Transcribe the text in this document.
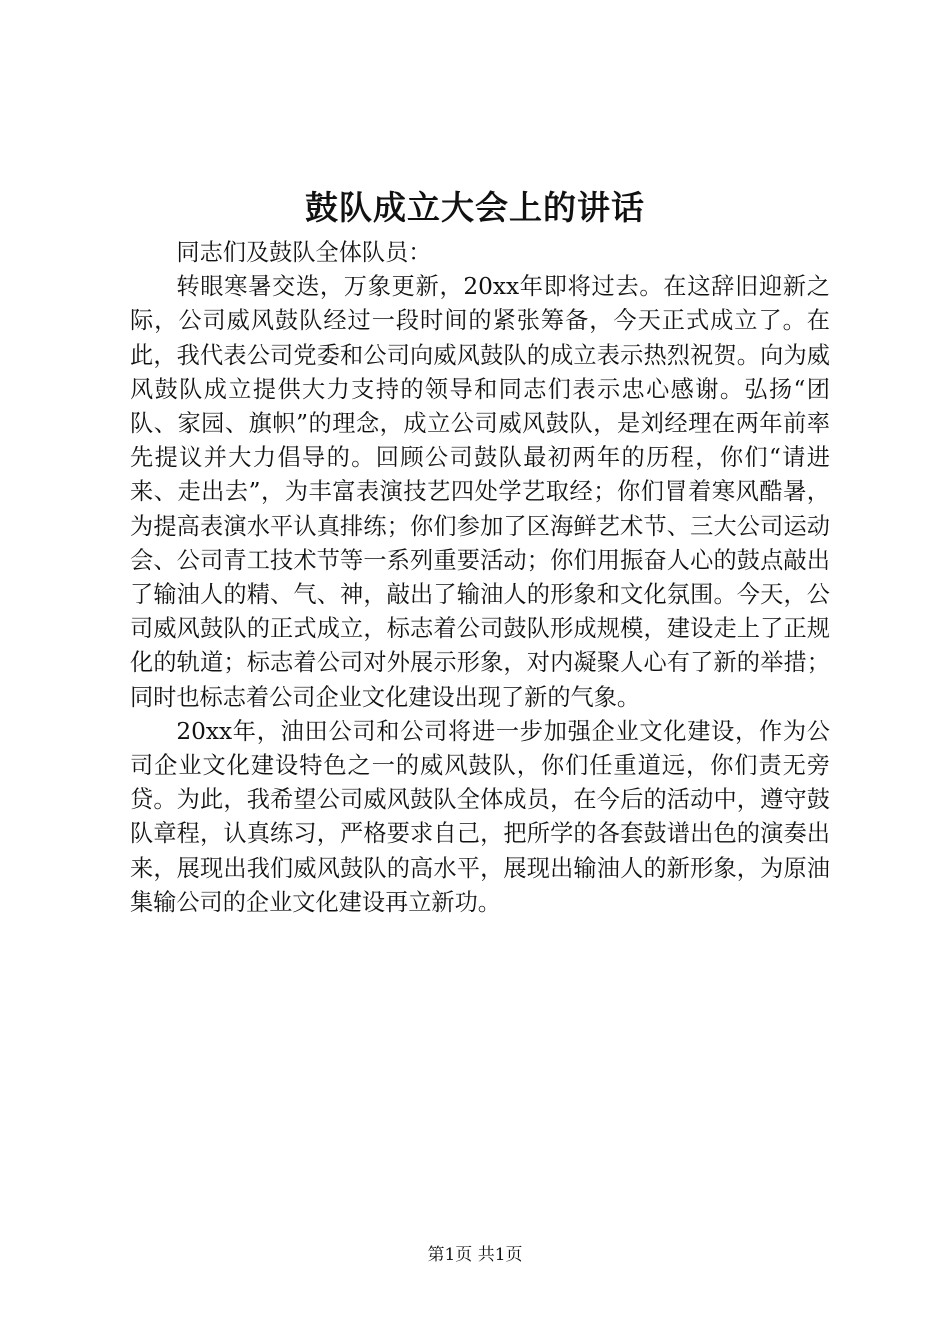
鼓队成立大会上的讲话

同志们及鼓队全体队员：

转眼寒暑交迭，万象更新，20xx年即将过去。在这辞旧迎新之际，公司威风鼓队经过一段时间的紧张筹备，今天正式成立了。在此，我代表公司党委和公司向威风鼓队的成立表示热烈祝贺。向为威风鼓队成立提供大力支持的领导和同志们表示忠心感谢。弘扬“团队、家园、旗帜”的理念，成立公司威风鼓队，是刘经理在两年前率先提议并大力倡导的。回顾公司鼓队最初两年的历程，你们“请进来、走出去”，为丰富表演技艺四处学艺取经；你们冒着寒风酷暑，为提高表演水平认真排练；你们参加了区海鲜艺术节、三大公司运动会、公司青工技术节等一系列重要活动；你们用振奋人心的鼓点敲出了输油人的精、气、神，敲出了输油人的形象和文化氛围。今天，公司威风鼓队的正式成立，标志着公司鼓队形成规模，建设走上了正规化的轨道；标志着公司对外展示形象，对内凝聚人心有了新的举措；同时也标志着公司企业文化建设出现了新的气象。

20xx年，油田公司和公司将进一步加强企业文化建设，作为公司企业文化建设特色之一的威风鼓队，你们任重道远，你们责无旁贷。为此，我希望公司威风鼓队全体成员，在今后的活动中，遵守鼓队章程，认真练习，严格要求自己，把所学的各套鼓谱出色的演奏出来，展现出我们威风鼓队的高水平，展现出输油人的新形象，为原油集输公司的企业文化建设再立新功。

第1页 共1页
